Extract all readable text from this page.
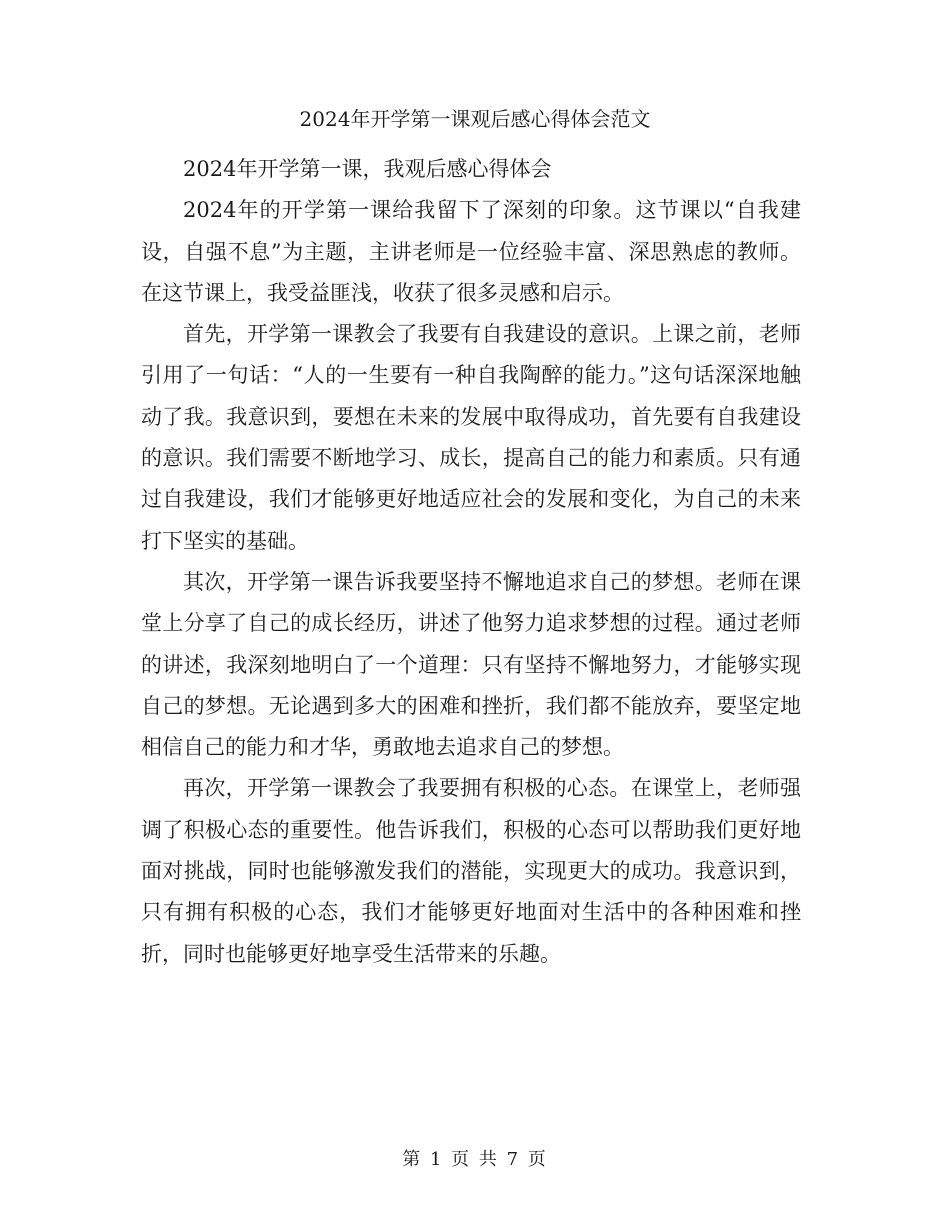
2024年开学第一课观后感心得体会范文

2024年开学第一课，我观后感心得体会

2024年的开学第一课给我留下了深刻的印象。这节课以“自我建设，自强不息”为主题，主讲老师是一位经验丰富、深思熟虑的教师。在这节课上，我受益匪浅，收获了很多灵感和启示。

首先，开学第一课教会了我要有自我建设的意识。上课之前，老师引用了一句话：“人的一生要有一种自我陶醉的能力。”这句话深深地触动了我。我意识到，要想在未来的发展中取得成功，首先要有自我建设的意识。我们需要不断地学习、成长，提高自己的能力和素质。只有通过自我建设，我们才能够更好地适应社会的发展和变化，为自己的未来打下坚实的基础。

其次，开学第一课告诉我要坚持不懈地追求自己的梦想。老师在课堂上分享了自己的成长经历，讲述了他努力追求梦想的过程。通过老师的讲述，我深刻地明白了一个道理：只有坚持不懈地努力，才能够实现自己的梦想。无论遇到多大的困难和挫折，我们都不能放弃，要坚定地相信自己的能力和才华，勇敢地去追求自己的梦想。

再次，开学第一课教会了我要拥有积极的心态。在课堂上，老师强调了积极心态的重要性。他告诉我们，积极的心态可以帮助我们更好地面对挑战，同时也能够激发我们的潜能，实现更大的成功。我意识到，只有拥有积极的心态，我们才能够更好地面对生活中的各种困难和挫折，同时也能够更好地享受生活带来的乐趣。

第 1 页 共 7 页
